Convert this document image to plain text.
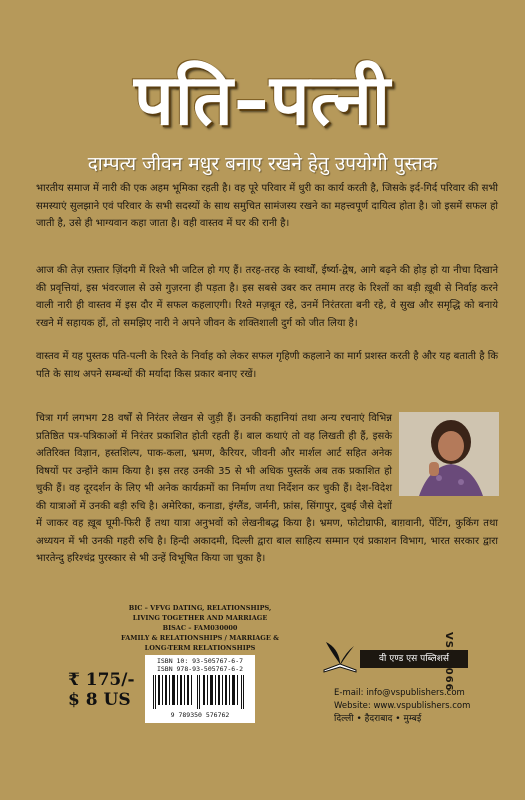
पति–पत्नी
दाम्पत्य जीवन मधुर बनाए रखने हेतु उपयोगी पुस्तक
भारतीय समाज में नारी की एक अहम भूमिका रहती है। वह पूरे परिवार में धुरी का कार्य करती है, जिसके इर्द-गिर्द परिवार की सभी समस्याएं सुलझाने एवं परिवार के सभी सदस्यों के साथ समुचित सामंजस्य रखने का महत्त्वपूर्ण दायित्व होता है। जो इसमें सफल हो जाती है, उसे ही भाग्यवान कहा जाता है। वही वास्तव में घर की रानी है।
आज की तेज़ रफ़्तार ज़िंदगी में रिश्ते भी जटिल हो गए हैं। तरह-तरह के स्वार्थों, ईर्ष्या-द्वेष, आगे बढ़ने की होड़ हो या नीचा दिखाने की प्रवृत्तियां, इस भंवरजाल से उसे गुज़रना ही पड़ता है। इस सबसे उबर कर तमाम तरह के रिश्तों का बड़ी ख़ूबी से निर्वाह करने वाली नारी ही वास्तव में इस दौर में सफल कहलाएगी। रिश्ते मज़बूत रहे, उनमें निरंतरता बनी रहे, वे सुख और समृद्धि को बनाये रखने में सहायक हों, तो समझिए नारी ने अपने जीवन के शक्तिशाली दुर्ग को जीत लिया है।
वास्तव में यह पुस्तक पति-पत्नी के रिश्ते के निर्वाह को लेकर सफल गृहिणी कहलाने का मार्ग प्रशस्त करती है और यह बताती है कि पति के साथ अपने सम्बन्धों की मर्यादा किस प्रकार बनाए रखें।
चित्रा गर्ग लगभग 28 वर्षों से निरंतर लेखन से जुड़ी हैं। उनकी कहानियां तथा अन्य रचनाएं विभिन्न प्रतिष्ठित पत्र-पत्रिकाओं में निरंतर प्रकाशित होती रहती हैं। बाल कथाएं तो वह लिखती ही हैं, इसके अतिरिक्त विज्ञान, हस्तशिल्प, पाक-कला, भ्रमण, कैरियर, जीवनी और मार्शल आर्ट सहित अनेक विषयों पर उन्होंने काम किया है। इस तरह उनकी 35 से भी अधिक पुस्तकें अब तक प्रकाशित हो चुकी हैं। वह दूरदर्शन के लिए भी अनेक कार्यक्रमों का निर्माण तथा निर्देशन कर चुकी हैं। देश-विदेश की यात्राओं में उनकी बड़ी रुचि है। अमेरिका, कनाडा, इंग्लैंड, जर्मनी, फ्रांस, सिंगापुर, दुबई जैसे देशों में जाकर वह ख़ूब घूमी-फिरी हैं तथा यात्रा अनुभवों को लेखनीबद्ध किया है। भ्रमण, फोटोग्राफी, बाग़वानी, पेंटिंग, कुकिंग तथा अध्ययन में भी उनकी गहरी रुचि है। हिन्दी अकादमी, दिल्ली द्वारा बाल साहित्य सम्मान एवं प्रकाशन विभाग, भारत सरकार द्वारा भारतेन्दु हरिश्चंद्र पुरस्कार से भी उन्हें विभूषित किया जा चुका है।
BIC – VFVG DATING, RELATIONSHIPS,
LIVING TOGETHER AND MARRIAGE
BISAC – FAM030000
FAMILY & RELATIONSHIPS / MARRIAGE &
LONG-TERM RELATIONSHIPS
₹ 175/-
$ 8 US
ISBN 10: 93-505767-6-7
ISBN 978-93-505767-6-2
9 789350 576762
वी एण्ड एस पब्लिशर्स
E-mail: info@vspublishers.com
Website: www.vspublishers.com
दिल्ली • हैदराबाद • मुम्बई
